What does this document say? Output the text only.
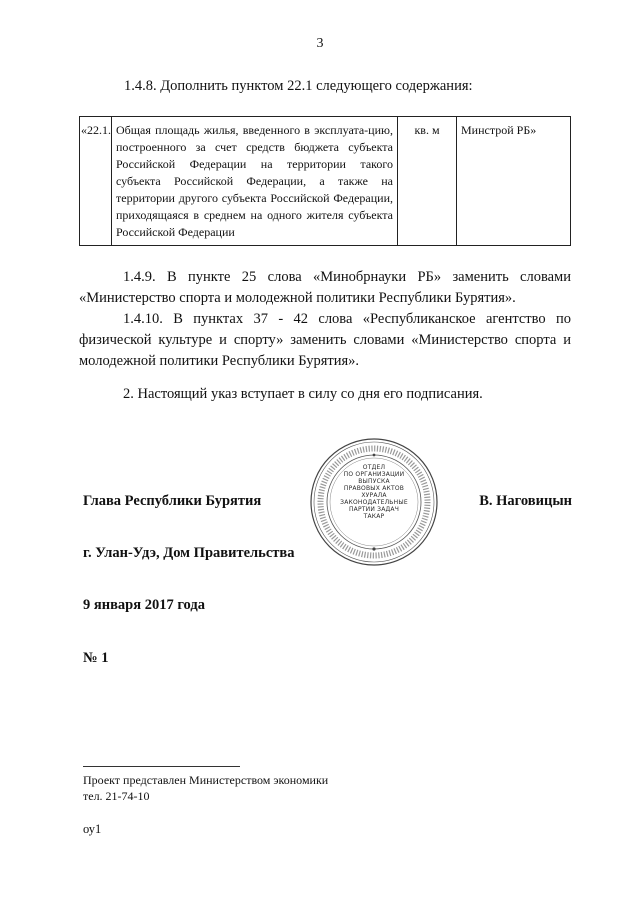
3
1.4.8. Дополнить пунктом 22.1 следующего содержания:
«22.1.	Общая площадь жилья, введенного в эксплуата-цию, построенного за счет средств бюджета субъекта Российской Федерации на территории такого субъекта Российской Федерации, а также на территории другого субъекта Российской Федерации, приходящаяся в среднем на одного жителя субъекта Российской Федерации	кв. м	Минстрой РБ»
1.4.9. В пункте 25 слова «Минобрнауки РБ» заменить словами «Министерство спорта и молодежной политики Республики Бурятия».
1.4.10. В пунктах 37 - 42 слова «Республиканское агентство по физической культуре и спорту» заменить словами «Министерство спорта и молодежной политики Республики Бурятия».
2. Настоящий указ вступает в силу со дня его подписания.
ОТДЕЛ
ПО ОРГАНИЗАЦИИ
ВЫПУСКА
ПРАВОВЫХ АКТОВ
ХУРАЛА
ЗАКОНОДАТЕЛЬНЫЕ
ПАРТИИ ЗАДАЧ
ТАКАР
Глава Республики Бурятия	В. Наговицын
г. Улан-Удэ, Дом Правительства
9 января 2017 года
№ 1
Проект представлен Министерством экономики
тел. 21-74-10
оу1
